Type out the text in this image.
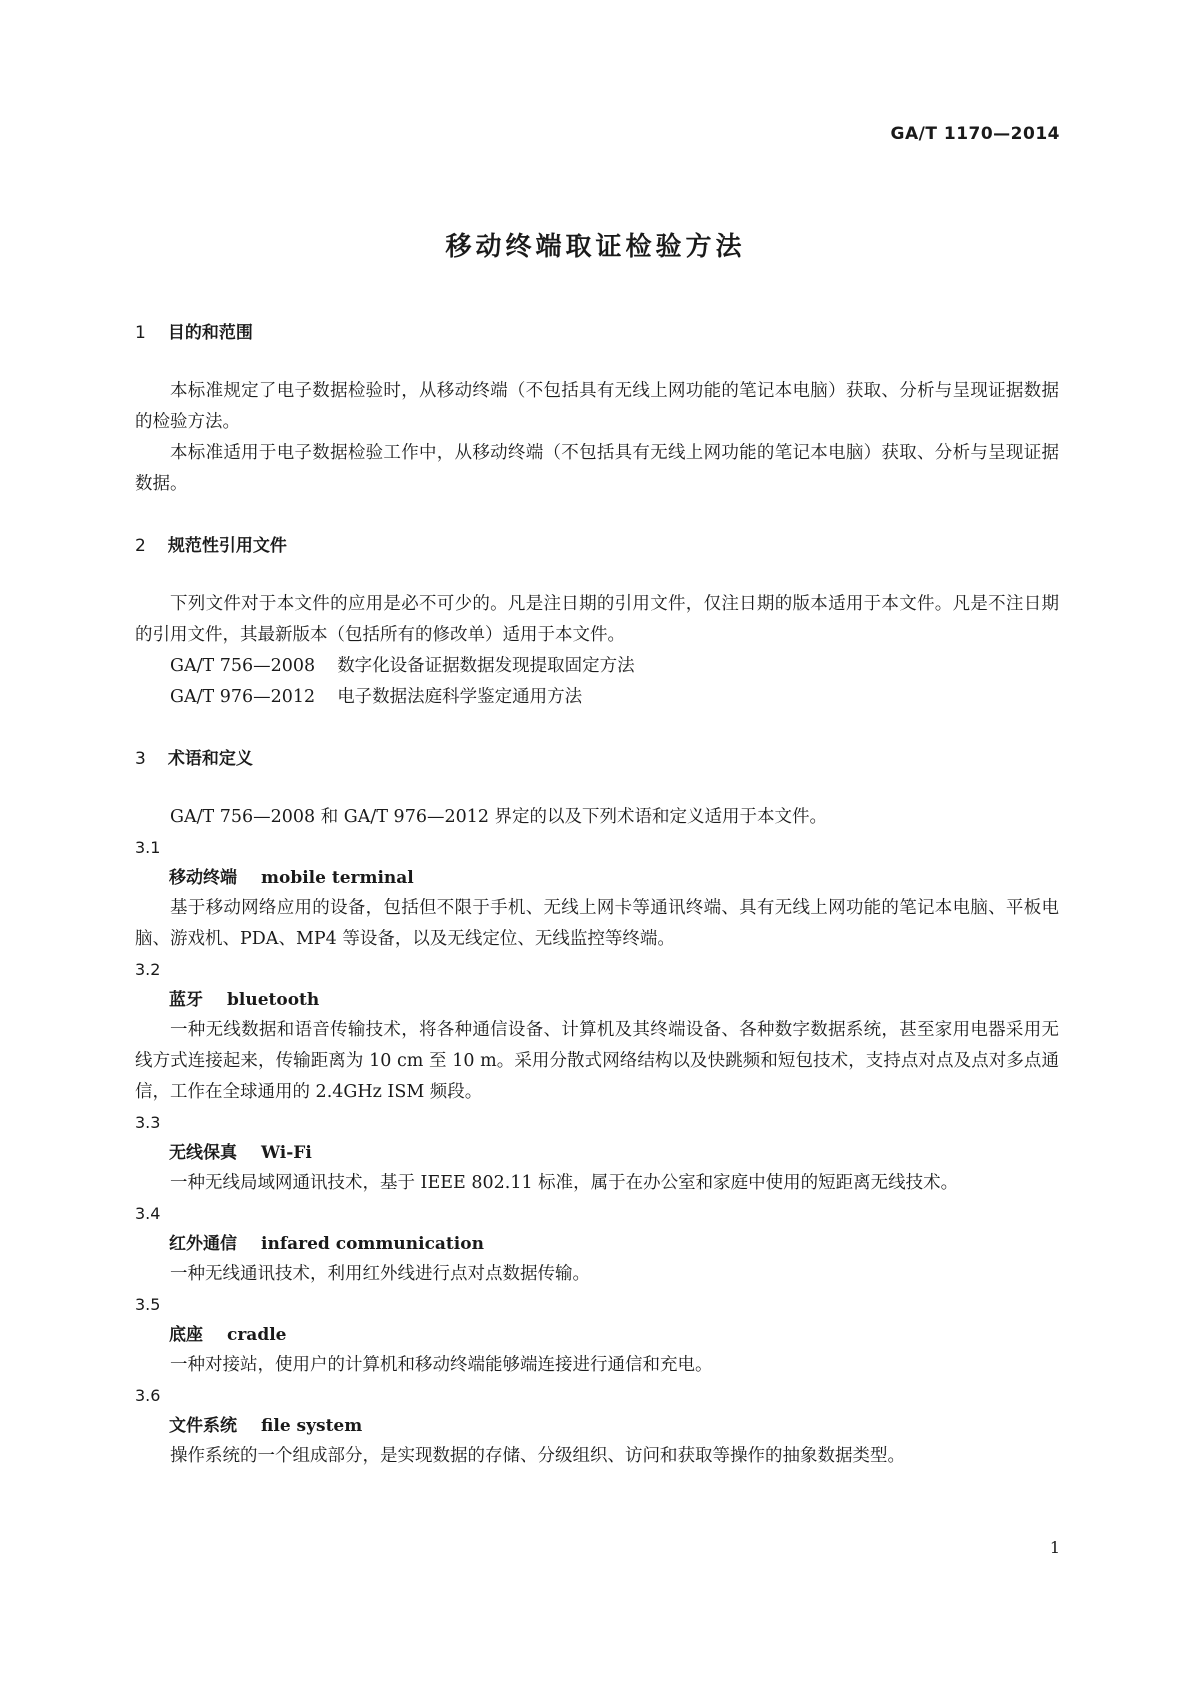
GA/T 1170—2014
移动终端取证检验方法
1 目的和范围

本标准规定了电子数据检验时，从移动终端（不包括具有无线上网功能的笔记本电脑）获取、分析与呈现证据数据的检验方法。

本标准适用于电子数据检验工作中，从移动终端（不包括具有无线上网功能的笔记本电脑）获取、分析与呈现证据数据。

2 规范性引用文件

下列文件对于本文件的应用是必不可少的。凡是注日期的引用文件，仅注日期的版本适用于本文件。凡是不注日期的引用文件，其最新版本（包括所有的修改单）适用于本文件。

GA/T 756—2008 数字化设备证据数据发现提取固定方法
GA/T 976—2012 电子数据法庭科学鉴定通用方法
3 术语和定义

GA/T 756—2008 和 GA/T 976—2012 界定的以及下列术语和定义适用于本文件。

3.1
移动终端 mobile terminal

基于移动网络应用的设备，包括但不限于手机、无线上网卡等通讯终端、具有无线上网功能的笔记本电脑、平板电脑、游戏机、PDA、MP4 等设备，以及无线定位、无线监控等终端。

3.2
蓝牙 bluetooth

一种无线数据和语音传输技术，将各种通信设备、计算机及其终端设备、各种数字数据系统，甚至家用电器采用无线方式连接起来，传输距离为 10 cm 至 10 m。采用分散式网络结构以及快跳频和短包技术，支持点对点及点对多点通信，工作在全球通用的 2.4GHz ISM 频段。

3.3
无线保真 Wi-Fi

一种无线局域网通讯技术，基于 IEEE 802.11 标准，属于在办公室和家庭中使用的短距离无线技术。

3.4
红外通信 infared communication

一种无线通讯技术，利用红外线进行点对点数据传输。

3.5
底座 cradle

一种对接站，使用户的计算机和移动终端能够端连接进行通信和充电。

3.6
文件系统 file system

操作系统的一个组成部分，是实现数据的存储、分级组织、访问和获取等操作的抽象数据类型。

1
